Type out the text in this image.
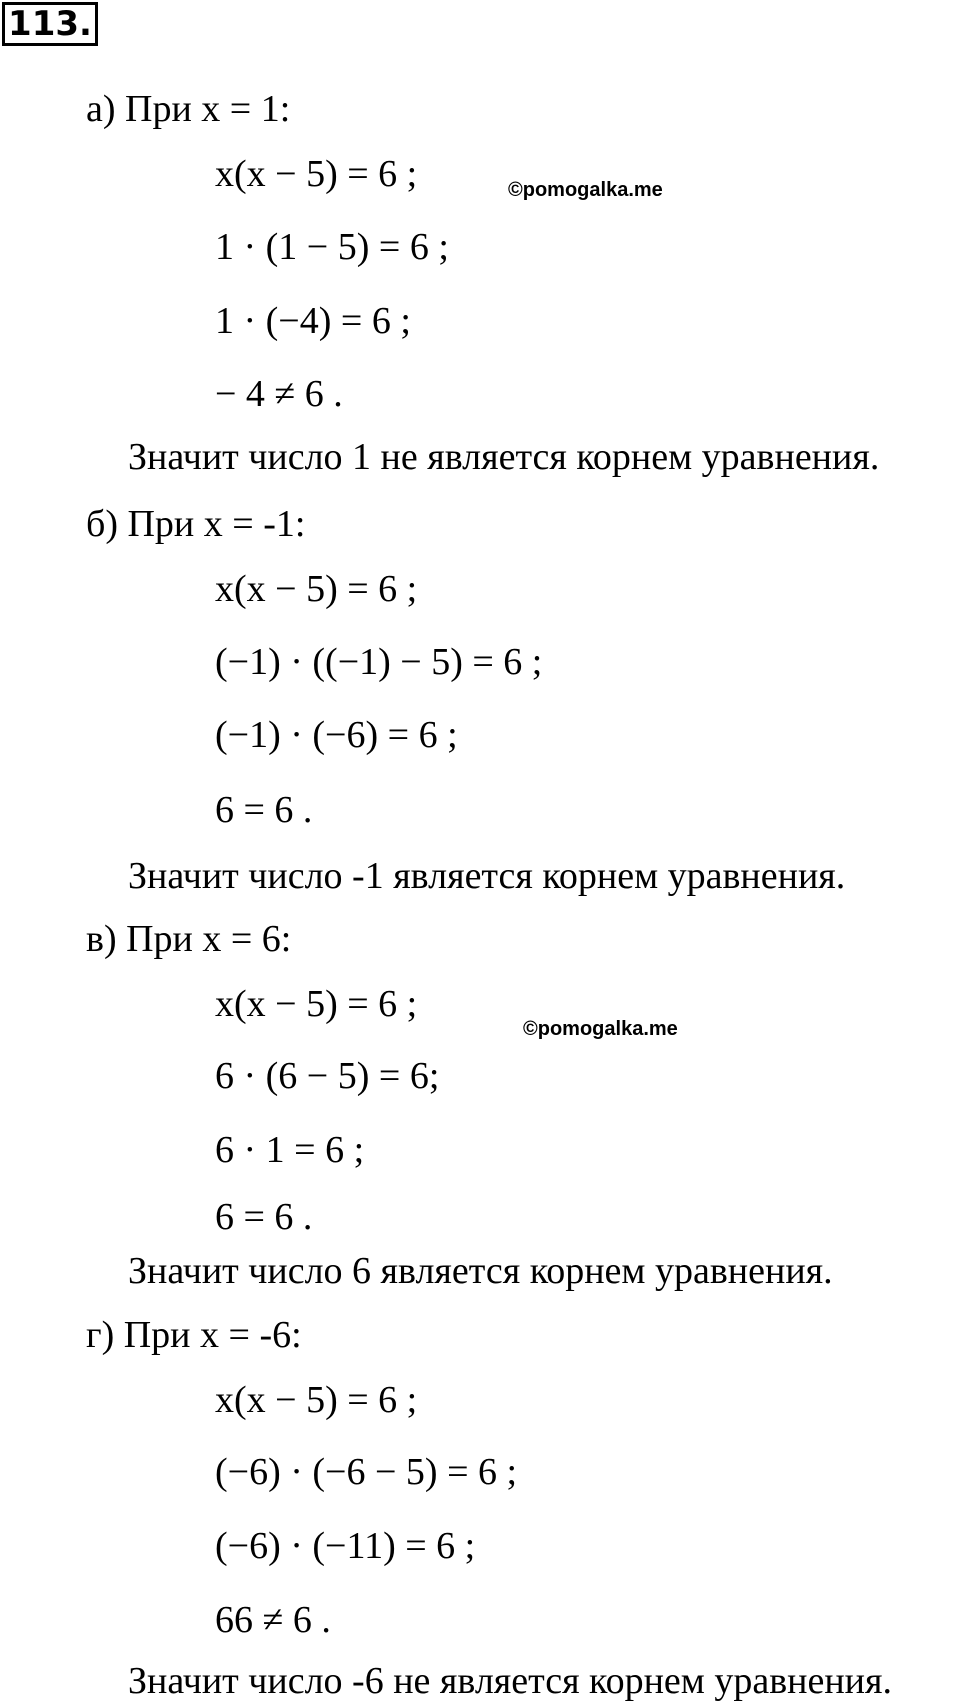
113.
а) При x = 1:
x(x − 5) = 6 ;	©pomogalka.me
1 · (1 − 5) = 6 ;
1 · (−4) = 6 ;
− 4 ≠ 6 .
Значит число 1 не является корнем уравнения.
б) При x = -1:
x(x − 5) = 6 ;
(−1) · ((−1) − 5) = 6 ;
(−1) · (−6) = 6 ;
6 = 6 .
Значит число -1 является корнем уравнения.
в) При x = 6:
x(x − 5) = 6 ;
©pomogalka.me
6 · (6 − 5) = 6;
6 · 1 = 6 ;
6 = 6 .
Значит число 6 является корнем уравнения.
г) При x = -6:
x(x − 5) = 6 ;
(−6) · (−6 − 5) = 6 ;
(−6) · (−11) = 6 ;
66 ≠ 6 .
Значит число -6 не является корнем уравнения.
